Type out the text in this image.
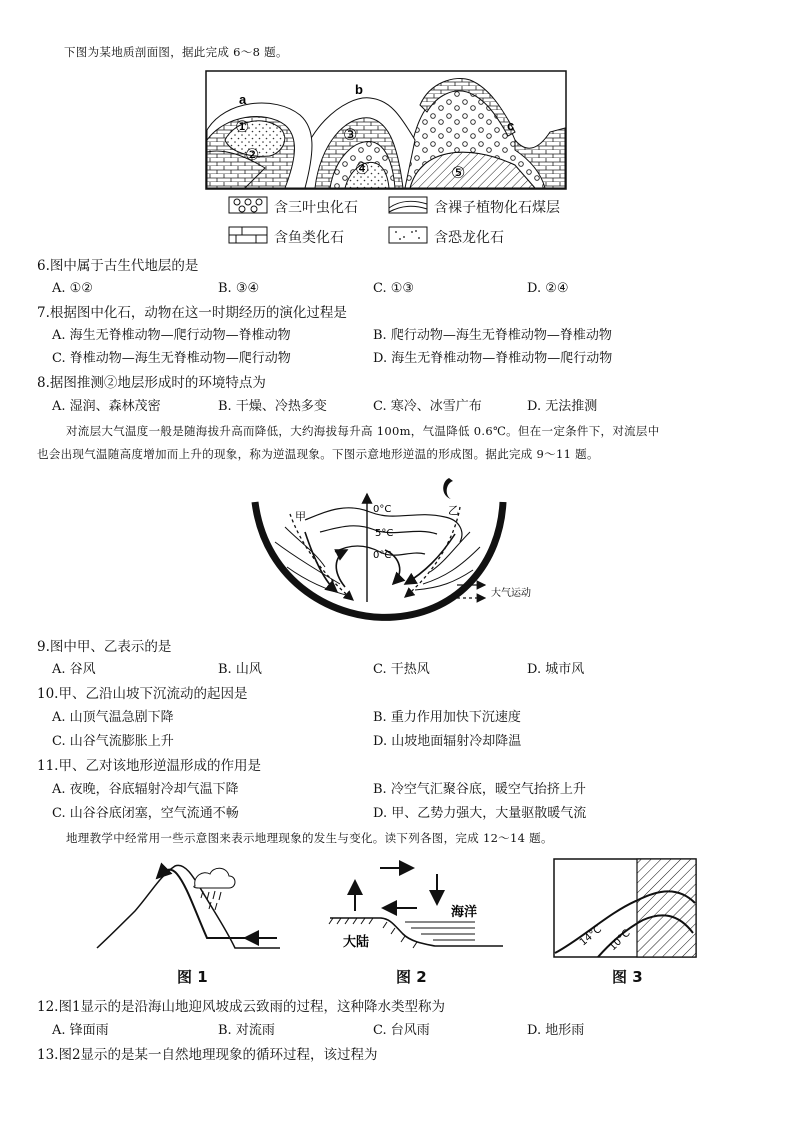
下图为某地质剖面图，据此完成 6～8 题。
a
b
c
①
②
③
④	⑤
含三叶虫化石	含裸子植物化石煤层
含鱼类化石	含恐龙化石
6.图中属于古生代地层的是
A. ①②	B. ③④	C. ①③	D. ②④
7.根据图中化石，动物在这一时期经历的演化过程是
A. 海生无脊椎动物—爬行动物—脊椎动物	B. 爬行动物—海生无脊椎动物—脊椎动物
C. 脊椎动物—海生无脊椎动物—爬行动物	D. 海生无脊椎动物—脊椎动物—爬行动物
8.据图推测②地层形成时的环境特点为
A. 湿润、森林茂密	B. 干燥、冷热多变	C. 寒冷、冰雪广布	D. 无法推测
对流层大气温度一般是随海拔升高而降低，大约海拔每升高 100m，气温降低 0.6℃。但在一定条件下，对流层中
也会出现气温随高度增加而上升的现象，称为逆温现象。下图示意地形逆温的形成图。据此完成 9～11 题。
甲	乙
0°C
5°C
0°C
大气运动
9.图中甲、乙表示的是
A. 谷风	B. 山风	C. 干热风	D. 城市风
10.甲、乙沿山坡下沉流动的起因是
A. 山顶气温急剧下降	B. 重力作用加快下沉速度
C. 山谷气流膨胀上升	D. 山坡地面辐射冷却降温
11.甲、乙对该地形逆温形成的作用是
A. 夜晚，谷底辐射冷却气温下降	B. 冷空气汇聚谷底，暖空气抬挤上升
C. 山谷谷底闭塞，空气流通不畅	D. 甲、乙势力强大，大量驱散暖气流
地理教学中经常用一些示意图来表示地理现象的发生与变化。读下列各图，完成 12～14 题。
图 1
海洋
大陆
图 2
14°C 10°C
图 3
12.图1显示的是沿海山地迎风坡成云致雨的过程，这种降水类型称为
A. 锋面雨	B. 对流雨	C. 台风雨	D. 地形雨
13.图2显示的是某一自然地理现象的循环过程，该过程为
